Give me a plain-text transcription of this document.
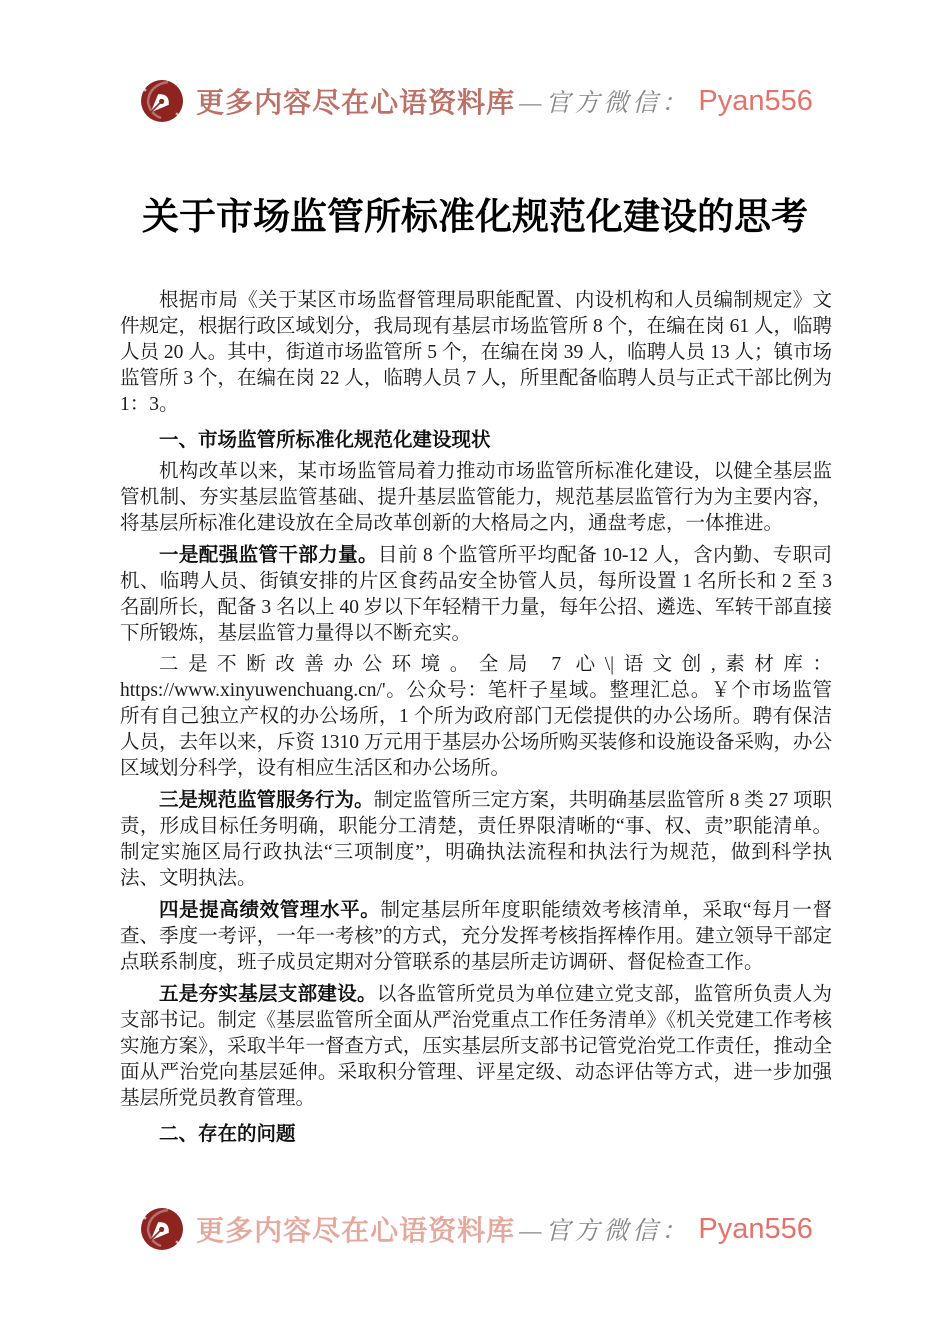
更多内容尽在心语资料库 —官方微信： Pyan556
关于市场监管所标准化规范化建设的思考

根据市局《关于某区市场监督管理局职能配置、内设机构和人员编制规定》文件规定，根据行政区域划分，我局现有基层市场监管所 8 个，在编在岗 61 人，临聘人员 20 人。其中，街道市场监管所 5 个，在编在岗 39 人，临聘人员 13 人；镇市场监管所 3 个，在编在岗 22 人，临聘人员 7 人，所里配备临聘人员与正式干部比例为 1：3。

一、市场监管所标准化规范化建设现状

机构改革以来，某市场监管局着力推动市场监管所标准化建设，以健全基层监管机制、夯实基层监管基础、提升基层监管能力，规范基层监管行为为主要内容，将基层所标准化建设放在全局改革创新的大格局之内，通盘考虑，一体推进。

一是配强监管干部力量。目前 8 个监管所平均配备 10-12 人，含内勤、专职司机、临聘人员、街镇安排的片区食药品安全协管人员，每所设置 1 名所长和 2 至 3 名副所长，配备 3 名以上 40 岁以下年轻精干力量，每年公招、遴选、军转干部直接下所锻炼，基层监管力量得以不断充实。

二是不断改善办公环境。全局 7 心\|语文创,素材库：https://www.xinyuwenchuang.cn/'。公众号：笔杆子星域。整理汇总。￥个市场监管所有自己独立产权的办公场所，1 个所为政府部门无偿提供的办公场所。聘有保洁人员，去年以来，斥资 1310 万元用于基层办公场所购买装修和设施设备采购，办公区域划分科学，设有相应生活区和办公场所。

三是规范监管服务行为。制定监管所三定方案，共明确基层监管所 8 类 27 项职责，形成目标任务明确，职能分工清楚，责任界限清晰的“事、权、责”职能清单。制定实施区局行政执法“三项制度”，明确执法流程和执法行为规范，做到科学执法、文明执法。

四是提高绩效管理水平。制定基层所年度职能绩效考核清单，采取“每月一督查、季度一考评，一年一考核”的方式，充分发挥考核指挥棒作用。建立领导干部定点联系制度，班子成员定期对分管联系的基层所走访调研、督促检查工作。

五是夯实基层支部建设。以各监管所党员为单位建立党支部，监管所负责人为支部书记。制定《基层监管所全面从严治党重点工作任务清单》《机关党建工作考核实施方案》，采取半年一督查方式，压实基层所支部书记管党治党工作责任，推动全面从严治党向基层延伸。采取积分管理、评星定级、动态评估等方式，进一步加强基层所党员教育管理。

二、存在的问题
更多内容尽在心语资料库 —官方微信： Pyan556
